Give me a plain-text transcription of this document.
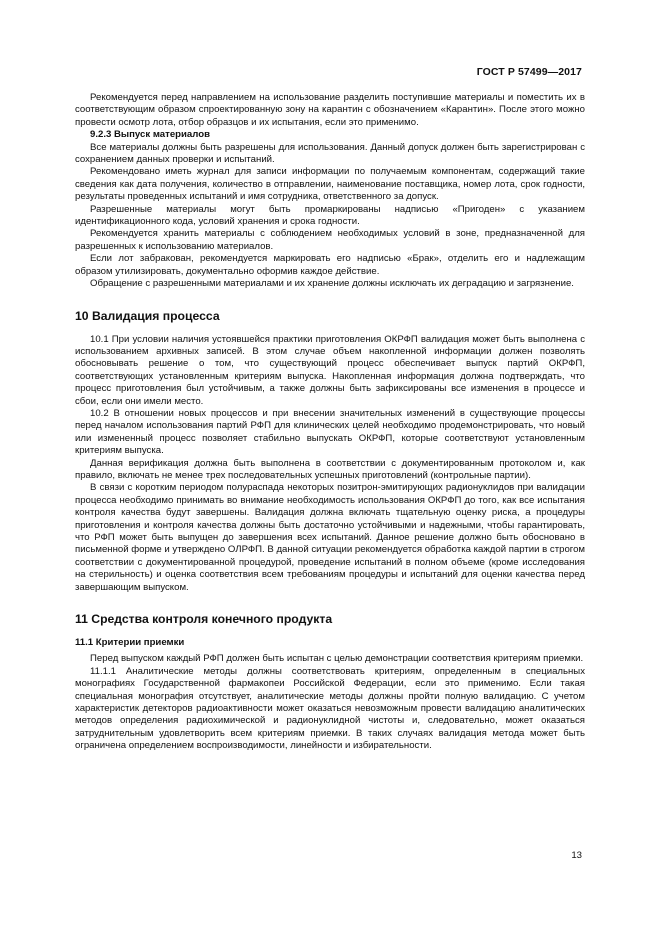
ГОСТ Р 57499—2017

Рекомендуется перед направлением на использование разделить поступившие материалы и поместить их в соответствующим образом спроектированную зону на карантин с обозначением «Карантин». После этого можно провести осмотр лота, отбор образцов и их испытания, если это применимо.

9.2.3 Выпуск материалов

Все материалы должны быть разрешены для использования. Данный допуск должен быть зарегистрирован с сохранением данных проверки и испытаний.

Рекомендовано иметь журнал для записи информации по получаемым компонентам, содержащий такие сведения как дата получения, количество в отправлении, наименование поставщика, номер лота, срок годности, результаты проведенных испытаний и имя сотрудника, ответственного за допуск.

Разрешенные материалы могут быть промаркированы надписью «Пригоден» с указанием идентификационного кода, условий хранения и срока годности.

Рекомендуется хранить материалы с соблюдением необходимых условий в зоне, предназначенной для разрешенных к использованию материалов.

Если лот забракован, рекомендуется маркировать его надписью «Брак», отделить его и надлежащим образом утилизировать, документально оформив каждое действие.

Обращение с разрешенными материалами и их хранение должны исключать их деградацию и загрязнение.

10 Валидация процесса

10.1 При условии наличия устоявшейся практики приготовления ОКРФП валидация может быть выполнена с использованием архивных записей. В этом случае объем накопленной информации должен позволять обосновывать решение о том, что существующий процесс обеспечивает выпуск партий ОКРФП, соответствующих установленным критериям выпуска. Накопленная информация должна подтверждать, что процесс приготовления был устойчивым, а также должны быть зафиксированы все изменения в процессе и сбои, если они имели место.

10.2 В отношении новых процессов и при внесении значительных изменений в существующие процессы перед началом использования партий РФП для клинических целей необходимо продемонстрировать, что новый или измененный процесс позволяет стабильно выпускать ОКРФП, которые соответствуют установленным критериям выпуска.

Данная верификация должна быть выполнена в соответствии с документированным протоколом и, как правило, включать не менее трех последовательных успешных приготовлений (контрольные партии).

В связи с коротким периодом полураспада некоторых позитрон-эмитирующих радионуклидов при валидации процесса необходимо принимать во внимание необходимость использования ОКРФП до того, как все испытания контроля качества будут завершены. Валидация должна включать тщательную оценку риска, а процедуры приготовления и контроля качества должны быть достаточно устойчивыми и надежными, чтобы гарантировать, что РФП может быть выпущен до завершения всех испытаний. Данное решение должно быть обосновано в письменной форме и утверждено ОЛРФП. В данной ситуации рекомендуется обработка каждой партии в строгом соответствии с документированной процедурой, проведение испытаний в полном объеме (кроме исследования на стерильность) и оценка соответствия всем требованиям процедуры и испытаний для оценки качества перед завершающим выпуском.

11 Средства контроля конечного продукта
11.1 Критерии приемки

Перед выпуском каждый РФП должен быть испытан с целью демонстрации соответствия критериям приемки.

11.1.1 Аналитические методы должны соответствовать критериям, определенным в специальных монографиях Государственной фармакопеи Российской Федерации, если это применимо. Если такая специальная монография отсутствует, аналитические методы должны пройти полную валидацию. С учетом характеристик детекторов радиоактивности может оказаться невозможным провести валидацию аналитических методов определения радиохимической и радионуклидной чистоты и, следовательно, может оказаться затруднительным удовлетворить всем критериям приемки. В таких случаях валидация метода может быть ограничена определением воспроизводимости, линейности и избирательности.

13
